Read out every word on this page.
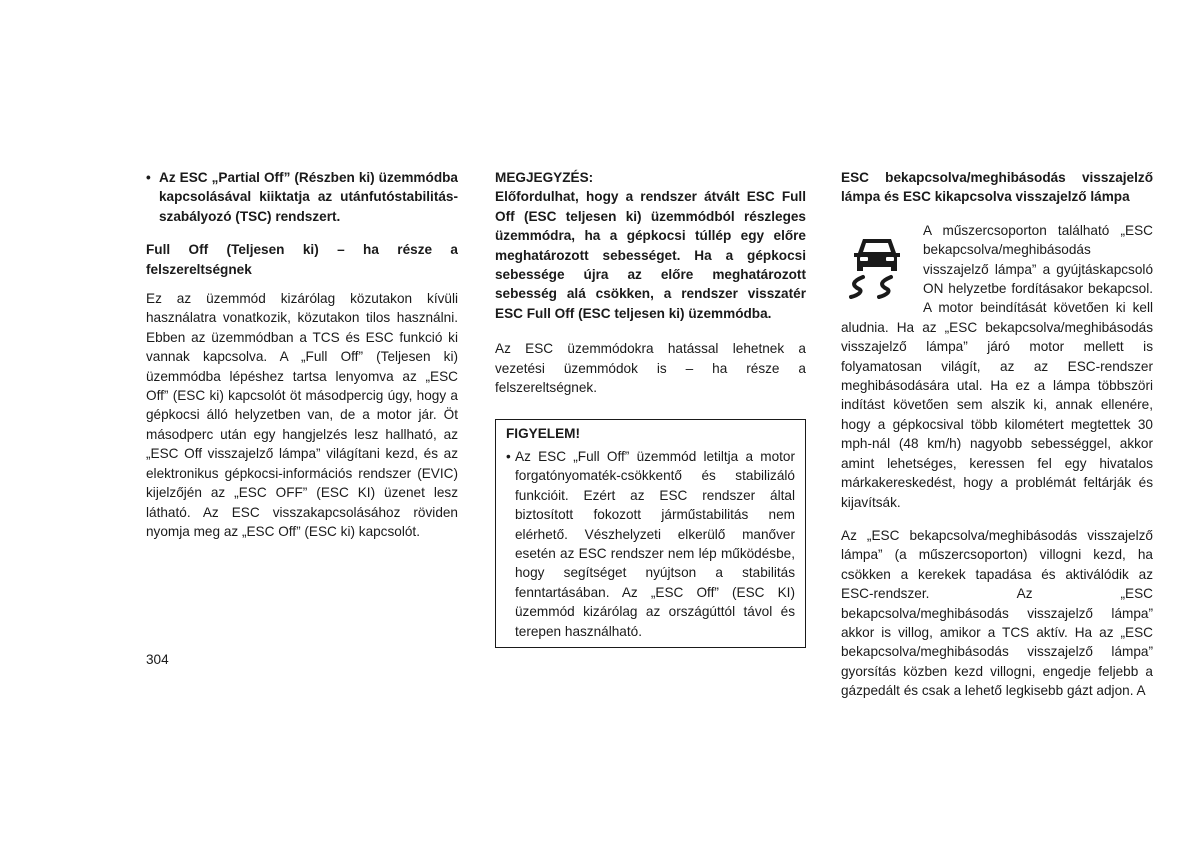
• Az ESC „Partial Off” (Részben ki) üzemmódba kapcsolásával kiiktatja az utánfutóstabilitás-szabályozó (TSC) rendszert.

Full Off (Teljesen ki) – ha része a felszereltségnek

Ez az üzemmód kizárólag közutakon kívüli használatra vonatkozik, közutakon tilos használni. Ebben az üzemmódban a TCS és ESC funkció ki vannak kapcsolva. A „Full Off” (Teljesen ki) üzemmódba lépéshez tartsa lenyomva az „ESC Off” (ESC ki) kapcsolót öt másodpercig úgy, hogy a gépkocsi álló helyzetben van, de a motor jár. Öt másodperc után egy hangjelzés lesz hallható, az „ESC Off visszajelző lámpa” világítani kezd, és az elektronikus gépkocsi-információs rendszer (EVIC) kijelzőjén az „ESC OFF” (ESC KI) üzenet lesz látható. Az ESC visszakapcsolásához röviden nyomja meg az „ESC Off” (ESC ki) kapcsolót.

MEGJEGYZÉS:

Előfordulhat, hogy a rendszer átvált ESC Full Off (ESC teljesen ki) üzemmódból részleges üzemmódra, ha a gépkocsi túllép egy előre meghatározott sebességet. Ha a gépkocsi sebessége újra az előre meghatározott sebesség alá csökken, a rendszer visszatér ESC Full Off (ESC teljesen ki) üzemmódba.

Az ESC üzemmódokra hatással lehetnek a vezetési üzemmódok is – ha része a felszereltségnek.

FIGYELEM!

• Az ESC „Full Off” üzemmód letiltja a motor forgatónyomaték-csökkentő és stabilizáló funkcióit. Ezért az ESC rendszer által biztosított fokozott járműstabilitás nem elérhető. Vészhelyzeti elkerülő manőver esetén az ESC rendszer nem lép működésbe, hogy segítséget nyújtson a stabilitás fenntartásában. Az „ESC Off” (ESC KI) üzemmód kizárólag az országúttól távol és terepen használható.

ESC bekapcsolva/meghibásodás visszajelző lámpa és ESC kikapcsolva visszajelző lámpa

A műszercsoporton található „ESC bekapcsolva/meghibásodás visszajelző lámpa” a gyújtáskapcsoló ON helyzetbe fordításakor bekapcsol. A motor beindítását követően ki kell aludnia. Ha az „ESC bekapcsolva/meghibásodás visszajelző lámpa” járó motor mellett is folyamatosan világít, az az ESC-rendszer meghibásodására utal. Ha ez a lámpa többszöri indítást követően sem alszik ki, annak ellenére, hogy a gépkocsival több kilométert megtettek 30 mph-nál (48 km/h) nagyobb sebességgel, akkor amint lehetséges, keressen fel egy hivatalos márkakereskedést, hogy a problémát feltárják és kijavítsák.

Az „ESC bekapcsolva/meghibásodás visszajelző lámpa” (a műszercsoporton) villogni kezd, ha csökken a kerekek tapadása és aktiválódik az ESC-rendszer. Az „ESC bekapcsolva/meghibásodás visszajelző lámpa” akkor is villog, amikor a TCS aktív. Ha az „ESC bekapcsolva/meghibásodás visszajelző lámpa” gyorsítás közben kezd villogni, engedje feljebb a gázpedált és csak a lehető legkisebb gázt adjon. A

304
